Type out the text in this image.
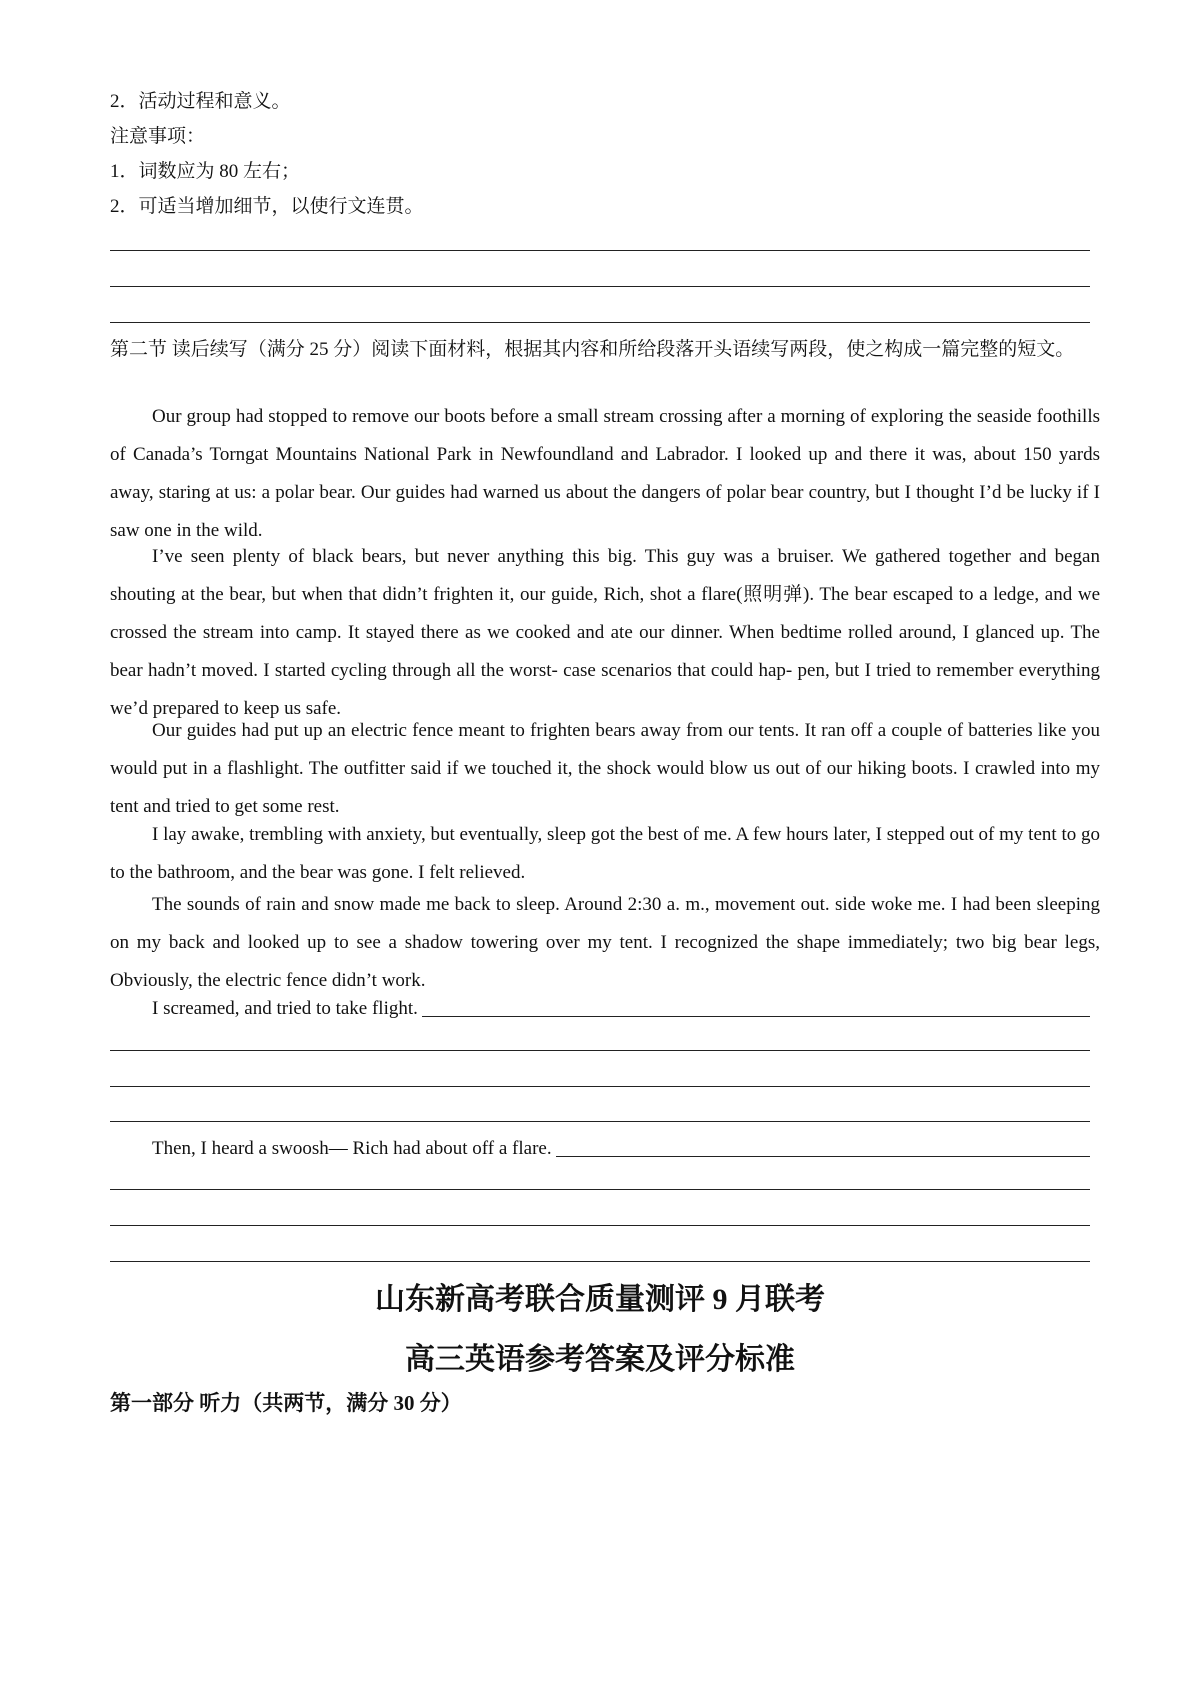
2．活动过程和意义。
注意事项：
1．词数应为 80 左右；
2．可适当增加细节，以使行文连贯。
第二节 读后续写（满分 25 分）阅读下面材料，根据其内容和所给段落开头语续写两段，使之构成一篇完整的短文。
Our group had stopped to remove our boots before a small stream crossing after a morning of exploring the seaside foothills of Canada’s Torngat Mountains National Park in Newfoundland and Labrador. I looked up and there it was, about 150 yards away, staring at us: a polar bear. Our guides had warned us about the dangers of polar bear country, but I thought I’d be lucky if I saw one in the wild.
I’ve seen plenty of black bears, but never anything this big. This guy was a bruiser. We gathered together and began shouting at the bear, but when that didn’t frighten it, our guide, Rich, shot a flare(照明弹). The bear escaped to a ledge, and we crossed the stream into camp. It stayed there as we cooked and ate our dinner. When bedtime rolled around, I glanced up. The bear hadn’t moved. I started cycling through all the worst- case scenarios that could hap- pen, but I tried to remember everything we’d prepared to keep us safe.
Our guides had put up an electric fence meant to frighten bears away from our tents. It ran off a couple of batteries like you would put in a flashlight. The outfitter said if we touched it, the shock would blow us out of our hiking boots. I crawled into my tent and tried to get some rest.
I lay awake, trembling with anxiety, but eventually, sleep got the best of me. A few hours later, I stepped out of my tent to go to the bathroom, and the bear was gone. I felt relieved.
The sounds of rain and snow made me back to sleep. Around 2:30 a. m., movement out. side woke me. I had been sleeping on my back and looked up to see a shadow towering over my tent. I recognized the shape immediately; two big bear legs, Obviously, the electric fence didn’t work.
I screamed, and tried to take flight.
Then, I heard a swoosh— Rich had about off a flare.
山东新高考联合质量测评 9 月联考
高三英语参考答案及评分标准
第一部分 听力（共两节，满分 30 分）
